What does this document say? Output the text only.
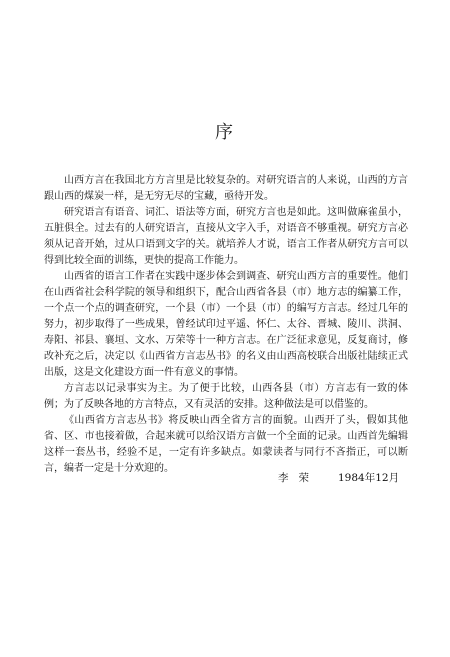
序

山西方言在我国北方方言里是比较复杂的。对研究语言的人来说，山西的方言跟山西的煤炭一样，是无穷无尽的宝藏，亟待开发。

研究语言有语音、词汇、语法等方面，研究方言也是如此。这叫做麻雀虽小，五脏俱全。过去有的人研究语言，直接从文字入手，对语音不够重视。研究方言必须从记音开始，过从口语到文字的关。就培养人才说，语言工作者从研究方言可以得到比较全面的训练，更快的提高工作能力。

山西省的语言工作者在实践中逐步体会到调查、研究山西方言的重要性。他们在山西省社会科学院的领导和组织下，配合山西省各县（市）地方志的编纂工作，一个点一个点的调查研究，一个县（市）一个县（市）的编写方言志。经过几年的努力，初步取得了一些成果，曾经试印过平遥、怀仁、太谷、晋城、陵川、洪洞、寿阳、祁县、襄垣、文水、万荣等十一种方言志。在广泛征求意见，反复商讨，修改补充之后，决定以《山西省方言志丛书》的名义由山西高校联合出版社陆续正式出版，这是文化建设方面一件有意义的事情。

方言志以记录事实为主。为了便于比较，山西各县（市）方言志有一致的体例；为了反映各地的方言特点，又有灵活的安排。这种做法是可以借鉴的。

《山西省方言志丛书》将反映山西全省方言的面貌。山西开了头，假如其他省、区、市也接着做，合起来就可以给汉语方言做一个全面的记录。山西首先编辑这样一套丛书，经验不足，一定有许多缺点。如蒙读者与同行不吝指正，可以断言，编者一定是十分欢迎的。

李荣 1984年12月
